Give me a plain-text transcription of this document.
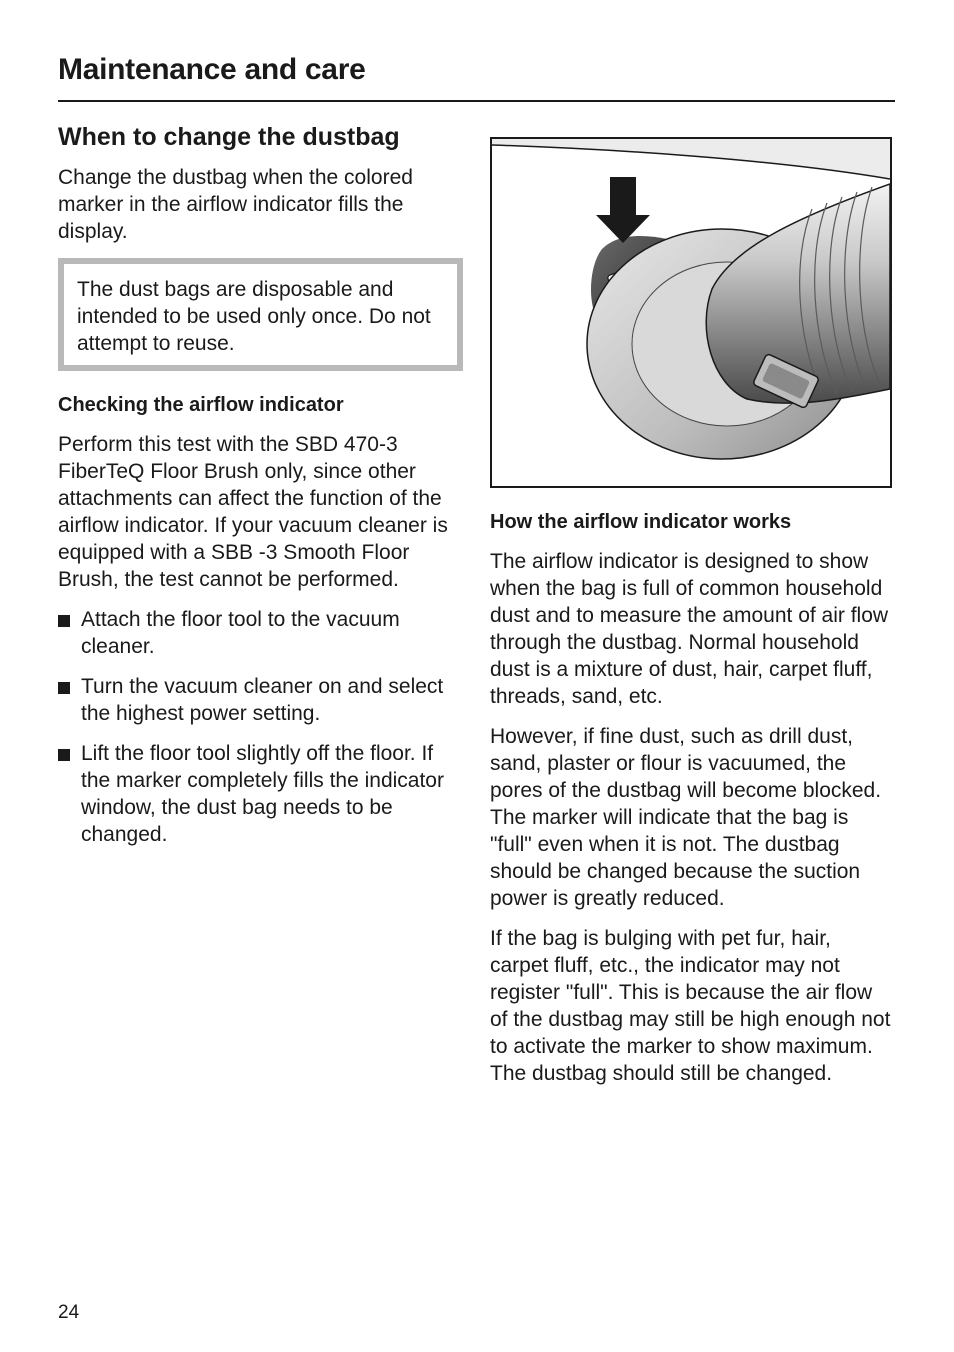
Maintenance and care
When to change the dustbag

Change the dustbag when the colored marker in the airflow indicator fills the display.

The dust bags are disposable and intended to be used only once. Do not attempt to reuse.

Checking the airflow indicator

Perform this test with the SBD 470-3 FiberTeQ Floor Brush only, since other attachments can affect the function of the airflow indicator. If your vacuum cleaner is equipped with a SBB -3 Smooth Floor Brush, the test cannot be performed.

Attach the floor tool to the vacuum cleaner.
Turn the vacuum cleaner on and select the highest power setting.
Lift the floor tool slightly off the floor. If the marker completely fills the indicator window, the dust bag needs to be changed.
How the airflow indicator works

The airflow indicator is designed to show when the bag is full of common household dust and to measure the amount of air flow through the dustbag. Normal household dust is a mixture of dust, hair, carpet fluff, threads, sand, etc.

However, if fine dust, such as drill dust, sand, plaster or flour is vacuumed, the pores of the dustbag will become blocked. The marker will indicate that the bag is "full" even when it is not. The dustbag should be changed because the suction power is greatly reduced.

If the bag is bulging with pet fur, hair, carpet fluff, etc., the indicator may not register "full". This is because the air flow of the dustbag may still be high enough not to activate the marker to show maximum. The dustbag should still be changed.

24
